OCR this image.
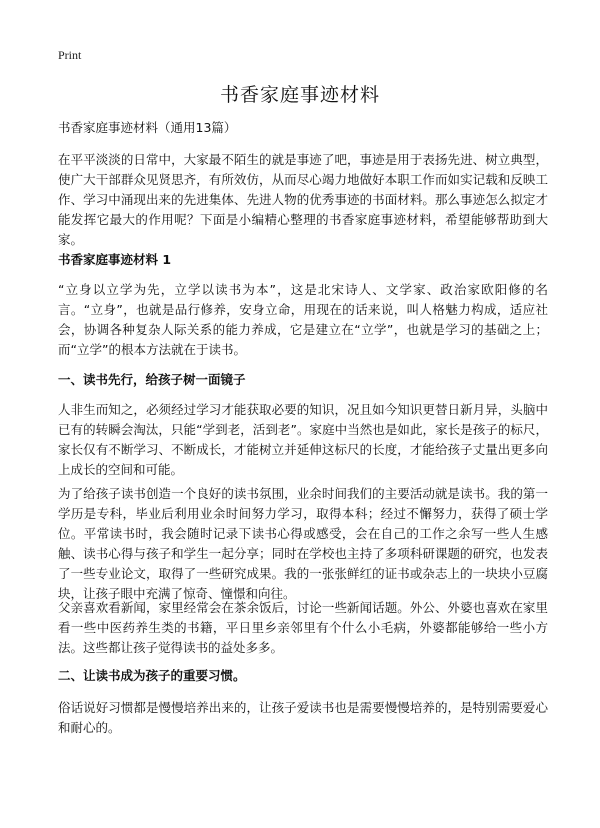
Print
书香家庭事迹材料

书香家庭事迹材料（通用13篇）

在平平淡淡的日常中，大家最不陌生的就是事迹了吧，事迹是用于表扬先进、树立典型，使广大干部群众见贤思齐，有所效仿，从而尽心竭力地做好本职工作而如实记载和反映工作、学习中涌现出来的先进集体、先进人物的优秀事迹的书面材料。那么事迹怎么拟定才能发挥它最大的作用呢？下面是小编精心整理的书香家庭事迹材料，希望能够帮助到大家。

书香家庭事迹材料 1

“立身以立学为先，立学以读书为本”，这是北宋诗人、文学家、政治家欧阳修的名言。“立身”，也就是品行修养，安身立命，用现在的话来说，叫人格魅力构成，适应社会，协调各种复杂人际关系的能力养成，它是建立在“立学”，也就是学习的基础之上；而“立学”的根本方法就在于读书。

一、读书先行，给孩子树一面镜子

人非生而知之，必须经过学习才能获取必要的知识，况且如今知识更替日新月异，头脑中已有的转瞬会淘汰，只能“学到老，活到老”。家庭中当然也是如此，家长是孩子的标尺，家长仅有不断学习、不断成长，才能树立并延伸这标尺的长度，才能给孩子丈量出更多向上成长的空间和可能。

为了给孩子读书创造一个良好的读书氛围，业余时间我们的主要活动就是读书。我的第一学历是专科，毕业后利用业余时间努力学习，取得本科；经过不懈努力，获得了硕士学位。平常读书时，我会随时记录下读书心得或感受，会在自己的工作之余写一些人生感触、读书心得与孩子和学生一起分享；同时在学校也主持了多项科研课题的研究，也发表了一些专业论文，取得了一些研究成果。我的一张张鲜红的证书或杂志上的一块块小豆腐块，让孩子眼中充满了惊奇、憧憬和向往。

父亲喜欢看新闻，家里经常会在茶余饭后，讨论一些新闻话题。外公、外婆也喜欢在家里看一些中医药养生类的书籍，平日里乡亲邻里有个什么小毛病，外婆都能够给一些小方法。这些都让孩子觉得读书的益处多多。

二、让读书成为孩子的重要习惯。

俗话说好习惯都是慢慢培养出来的，让孩子爱读书也是需要慢慢培养的，是特别需要爱心和耐心的。
